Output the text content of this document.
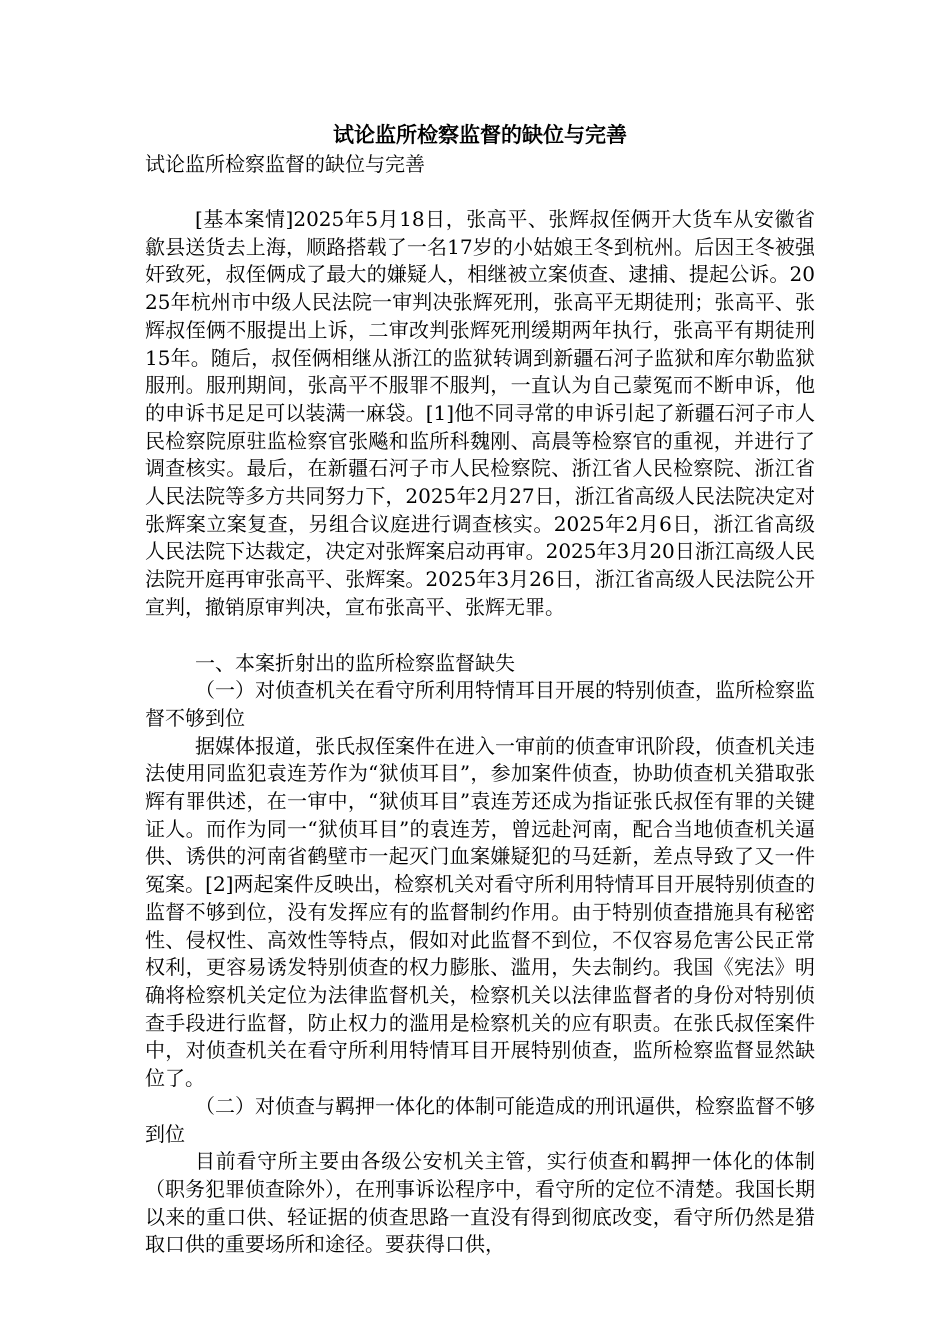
试论监所检察监督的缺位与完善

试论监所检察监督的缺位与完善

[基本案情]2025年5月18日，张高平、张辉叔侄俩开大货车从安徽省歙县送货去上海，顺路搭载了一名17岁的小姑娘王冬到杭州。后因王冬被强奸致死，叔侄俩成了最大的嫌疑人，相继被立案侦查、逮捕、提起公诉。2025年杭州市中级人民法院一审判决张辉死刑，张高平无期徒刑；张高平、张辉叔侄俩不服提出上诉，二审改判张辉死刑缓期两年执行，张高平有期徒刑15年。随后，叔侄俩相继从浙江的监狱转调到新疆石河子监狱和库尔勒监狱服刑。服刑期间，张高平不服罪不服判，一直认为自己蒙冤而不断申诉，他的申诉书足足可以装满一麻袋。[1]他不同寻常的申诉引起了新疆石河子市人民检察院原驻监检察官张飚和监所科魏刚、高晨等检察官的重视，并进行了调查核实。最后，在新疆石河子市人民检察院、浙江省人民检察院、浙江省人民法院等多方共同努力下，2025年2月27日，浙江省高级人民法院决定对张辉案立案复查，另组合议庭进行调查核实。2025年2月6日，浙江省高级人民法院下达裁定，决定对张辉案启动再审。2025年3月20日浙江高级人民法院开庭再审张高平、张辉案。2025年3月26日，浙江省高级人民法院公开宣判，撤销原审判决，宣布张高平、张辉无罪。

一、本案折射出的监所检察监督缺失

（一）对侦查机关在看守所利用特情耳目开展的特别侦查，监所检察监督不够到位

据媒体报道，张氏叔侄案件在进入一审前的侦查审讯阶段，侦查机关违法使用同监犯袁连芳作为“狱侦耳目”，参加案件侦查，协助侦查机关猎取张辉有罪供述，在一审中，“狱侦耳目”袁连芳还成为指证张氏叔侄有罪的关键证人。而作为同一“狱侦耳目”的袁连芳，曾远赴河南，配合当地侦查机关逼供、诱供的河南省鹤壁市一起灭门血案嫌疑犯的马廷新，差点导致了又一件冤案。[2]两起案件反映出，检察机关对看守所利用特情耳目开展特别侦查的监督不够到位，没有发挥应有的监督制约作用。由于特别侦查措施具有秘密性、侵权性、高效性等特点，假如对此监督不到位，不仅容易危害公民正常权利，更容易诱发特别侦查的权力膨胀、滥用，失去制约。我国《宪法》明确将检察机关定位为法律监督机关，检察机关以法律监督者的身份对特别侦查手段进行监督，防止权力的滥用是检察机关的应有职责。在张氏叔侄案件中，对侦查机关在看守所利用特情耳目开展特别侦查，监所检察监督显然缺位了。

（二）对侦查与羁押一体化的体制可能造成的刑讯逼供，检察监督不够到位

目前看守所主要由各级公安机关主管，实行侦查和羁押一体化的体制（职务犯罪侦查除外），在刑事诉讼程序中，看守所的定位不清楚。我国长期以来的重口供、轻证据的侦查思路一直没有得到彻底改变，看守所仍然是猎取口供的重要场所和途径。要获得口供，
